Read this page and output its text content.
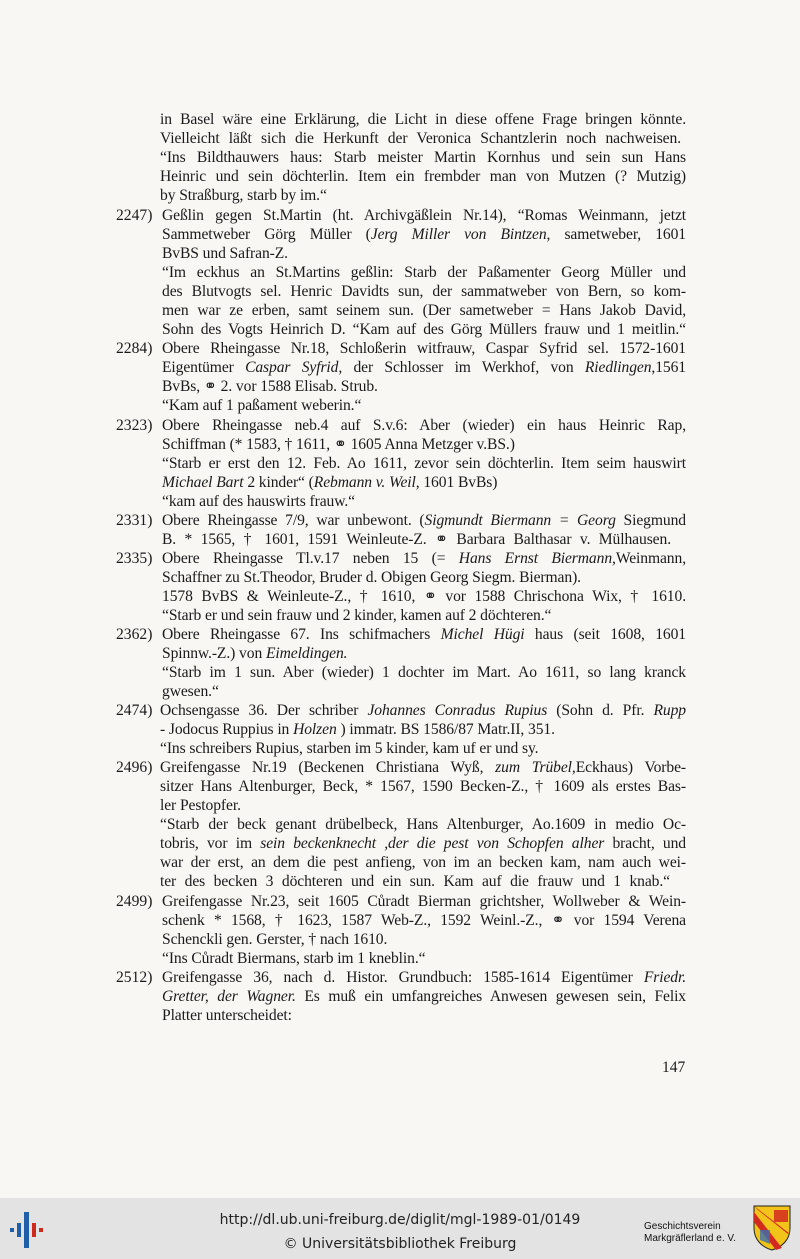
in Basel wäre eine Erklärung, die Licht in diese offene Frage bringen könnte.
Vielleicht läßt sich die Herkunft der Veronica Schantzlerin noch nachweisen.
“Ins Bildthauwers haus: Starb meister Martin Kornhus und sein sun Hans
Heinric und sein döchterlin. Item ein frembder man von Mutzen (? Mutzig)
by Straßburg, starb by im.“
2247) Geßlin gegen St.Martin (ht. Archivgäßlein Nr.14), “Romas Weinmann, jetzt
Sammetweber Görg Müller (Jerg Miller von Bintzen, sametweber, 1601
BvBS und Safran-Z.
“Im eckhus an St.Martins geßlin: Starb der Paßamenter Georg Müller und
des Blutvogts sel. Henric Davidts sun, der sammatweber von Bern, so kom-
men war ze erben, samt seinem sun. (Der sametweber = Hans Jakob David,
Sohn des Vogts Heinrich D. “Kam auf des Görg Müllers frauw und 1 meitlin.“
2284) Obere Rheingasse Nr.18, Schloßerin witfrauw, Caspar Syfrid sel. 1572-1601
Eigentümer Caspar Syfrid, der Schlosser im Werkhof, von Riedlingen,1561
BvBs, ⚭ 2. vor 1588 Elisab. Strub.
“Kam auf 1 paßament weberin.“
2323) Obere Rheingasse neb.4 auf S.v.6: Aber (wieder) ein haus Heinric Rap,
Schiffman (* 1583, † 1611, ⚭ 1605 Anna Metzger v.BS.)
“Starb er erst den 12. Feb. Ao 1611, zevor sein döchterlin. Item seim hauswirt
Michael Bart 2 kinder“ (Rebmann v. Weil, 1601 BvBs)
“kam auf des hauswirts frauw.“
2331) Obere Rheingasse 7/9, war unbewont. (Sigmundt Biermann = Georg Siegmund
B. * 1565, † 1601, 1591 Weinleute-Z. ⚭ Barbara Balthasar v. Mülhausen.
2335) Obere Rheingasse Tl.v.17 neben 15 (= Hans Ernst Biermann,Weinmann,
Schaffner zu St.Theodor, Bruder d. Obigen Georg Siegm. Bierman).
1578 BvBS & Weinleute-Z., † 1610, ⚭ vor 1588 Chrischona Wix, † 1610.
“Starb er und sein frauw und 2 kinder, kamen auf 2 döchteren.“
2362) Obere Rheingasse 67. Ins schifmachers Michel Hügi haus (seit 1608, 1601
Spinnw.-Z.) von Eimeldingen.
“Starb im 1 sun. Aber (wieder) 1 dochter im Mart. Ao 1611, so lang kranck
gwesen.“
2474) Ochsengasse 36. Der schriber Johannes Conradus Rupius (Sohn d. Pfr. Rupp
- Jodocus Ruppius in Holzen ) immatr. BS 1586/87 Matr.II, 351.
“Ins schreibers Rupius, starben im 5 kinder, kam uf er und sy.
2496) Greifengasse Nr.19 (Beckenen Christiana Wyß, zum Trübel,Eckhaus) Vorbe-
sitzer Hans Altenburger, Beck, * 1567, 1590 Becken-Z., † 1609 als erstes Bas-
ler Pestopfer.
“Starb der beck genant drübelbeck, Hans Altenburger, Ao.1609 in medio Oc-
tobris, vor im sein beckenknecht ,der die pest von Schopfen alher bracht, und
war der erst, an dem die pest anfieng, von im an becken kam, nam auch wei-
ter des becken 3 döchteren und ein sun. Kam auf die frauw und 1 knab.“
2499) Greifengasse Nr.23, seit 1605 Cůradt Bierman grichtsher, Wollweber & Wein-
schenk * 1568, † 1623, 1587 Web-Z., 1592 Weinl.-Z., ⚭ vor 1594 Verena
Schenckli gen. Gerster, † nach 1610.
“Ins Cůradt Biermans, starb im 1 kneblin.“
2512) Greifengasse 36, nach d. Histor. Grundbuch: 1585-1614 Eigentümer Friedr.
Gretter, der Wagner. Es muß ein umfangreiches Anwesen gewesen sein, Felix
Platter unterscheidet:
147
http://dl.ub.uni-freiburg.de/diglit/mgl-1989-01/0149
© Universitätsbibliothek Freiburg
Geschichtsverein
Markgräflerland e. V.
